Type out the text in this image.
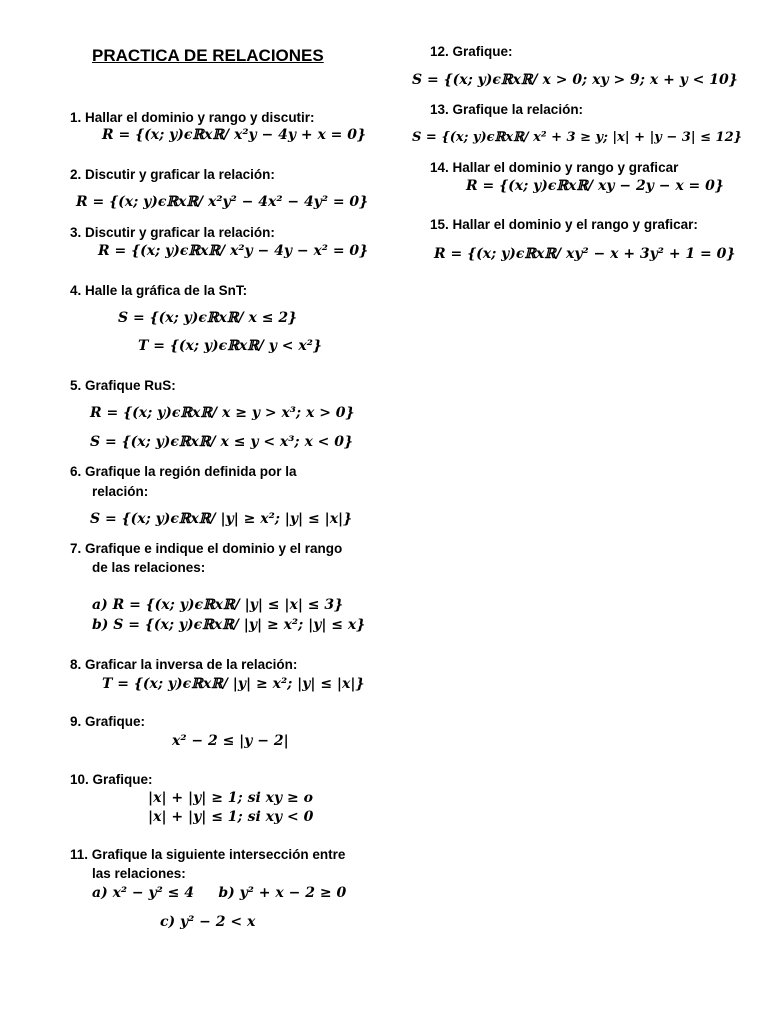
PRACTICA DE RELACIONES
1. Hallar el dominio y rango y discutir:
R = {(x; y)ϵℝxℝ/ x²y − 4y + x = 0}
2. Discutir y graficar la relación:
R = {(x; y)ϵℝxℝ/ x²y² − 4x² − 4y² = 0}
3. Discutir y graficar la relación:
R = {(x; y)ϵℝxℝ/ x²y − 4y − x² = 0}
4. Halle la gráfica de la SnT:
S = {(x; y)ϵℝxℝ/ x ≤ 2}
T = {(x; y)ϵℝxℝ/ y < x²}
5. Grafique RuS:
R = {(x; y)ϵℝxℝ/ x ≥ y > x³; x > 0}
S = {(x; y)ϵℝxℝ/ x ≤ y < x³; x < 0}
6. Grafique la región definida por la
relación:
S = {(x; y)ϵℝxℝ/ |y| ≥ x²; |y| ≤ |x|}
7. Grafique e indique el dominio y el rango
de las relaciones:
a) R = {(x; y)ϵℝxℝ/ |y| ≤ |x| ≤ 3}
b) S = {(x; y)ϵℝxℝ/ |y| ≥ x²; |y| ≤ x}
8. Graficar la inversa de la relación:
T = {(x; y)ϵℝxℝ/ |y| ≥ x²; |y| ≤ |x|}
9. Grafique:
x² − 2 ≤ |y − 2|
10. Grafique:
|x| + |y| ≥ 1; si xy ≥ o
|x| + |y| ≤ 1; si xy < 0
11. Grafique la siguiente intersección entre
las relaciones:
a) x² − y² ≤ 4     b) y² + x − 2 ≥ 0
c) y² − 2 < x
12. Grafique:
S = {(x; y)ϵℝxℝ/ x > 0; xy > 9; x + y < 10}
13. Grafique la relación:
S = {(x; y)ϵℝxℝ/ x² + 3 ≥ y; |x| + |y − 3| ≤ 12}
14. Hallar el dominio y rango y graficar
R = {(x; y)ϵℝxℝ/ xy − 2y − x = 0}
15. Hallar el dominio y el rango y graficar:
R = {(x; y)ϵℝxℝ/ xy² − x + 3y² + 1 = 0}
